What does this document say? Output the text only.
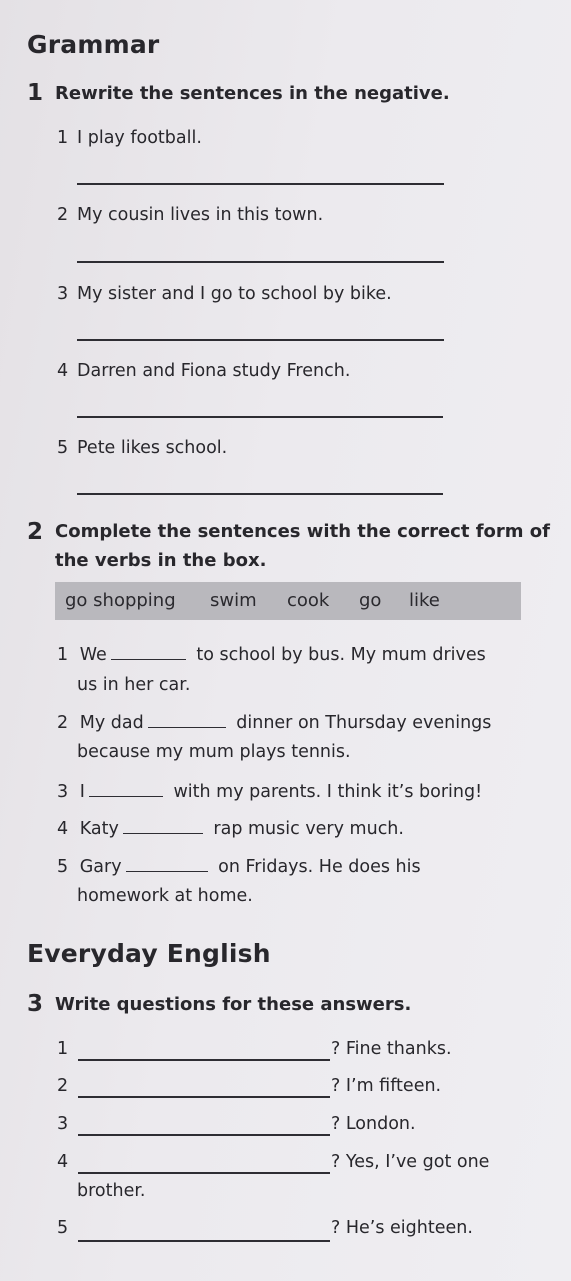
Grammar
1 Rewrite the sentences in the negative.
1 I play football.
2 My cousin lives in this town.
3 My sister and I go to school by bike.
4 Darren and Fiona study French.
5 Pete likes school.
2 Complete the sentences with the correct form of
the verbs in the box.
go shopping swim cook go like
1 We	to school by bus. My mum drives
us in her car.
2 My dad	dinner on Thursday evenings
because my mum plays tennis.
3 I	with my parents. I think it’s boring!
4 Katy	rap music very much.
5 Gary	on Fridays. He does his
homework at home.
Everyday English
3 Write questions for these answers.
1	? Fine thanks.
2	? I’m fifteen.
3	? London.
4	? Yes, I’ve got one
brother.
5	? He’s eighteen.
